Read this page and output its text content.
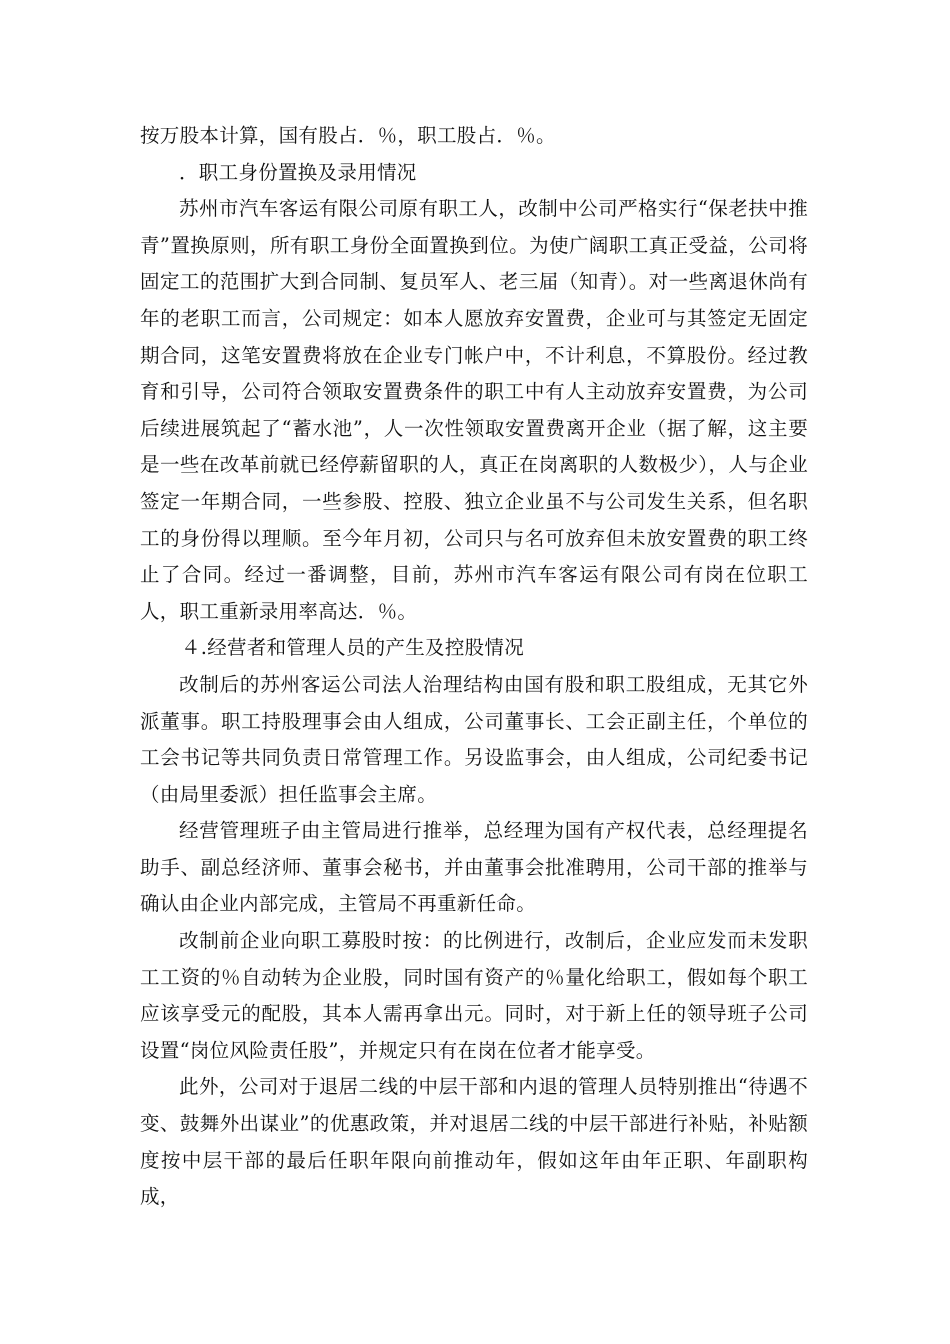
按万股本计算，国有股占．％，职工股占．％。

．职工身份置换及录用情况

苏州市汽车客运有限公司原有职工人，改制中公司严格实行“保老扶中推青”置换原则，所有职工身份全面置换到位。为使广阔职工真正受益，公司将固定工的范围扩大到合同制、复员军人、老三届（知青）。对一些离退休尚有年的老职工而言，公司规定：如本人愿放弃安置费，企业可与其签定无固定期合同，这笔安置费将放在企业专门帐户中，不计利息，不算股份。经过教育和引导，公司符合领取安置费条件的职工中有人主动放弃安置费，为公司后续进展筑起了“蓄水池”，人一次性领取安置费离开企业（据了解，这主要是一些在改革前就已经停薪留职的人，真正在岗离职的人数极少），人与企业签定一年期合同，一些参股、控股、独立企业虽不与公司发生关系，但名职工的身份得以理顺。至今年月初，公司只与名可放弃但未放安置费的职工终止了合同。经过一番调整，目前，苏州市汽车客运有限公司有岗在位职工人，职工重新录用率高达．％。

４.经营者和管理人员的产生及控股情况

改制后的苏州客运公司法人治理结构由国有股和职工股组成，无其它外派董事。职工持股理事会由人组成，公司董事长、工会正副主任，个单位的工会书记等共同负责日常管理工作。另设监事会，由人组成，公司纪委书记（由局里委派）担任监事会主席。

经营管理班子由主管局进行推举，总经理为国有产权代表，总经理提名助手、副总经济师、董事会秘书，并由董事会批准聘用，公司干部的推举与确认由企业内部完成，主管局不再重新任命。

改制前企业向职工募股时按：的比例进行，改制后，企业应发而未发职工工资的％自动转为企业股，同时国有资产的％量化给职工，假如每个职工应该享受元的配股，其本人需再拿出元。同时，对于新上任的领导班子公司设置“岗位风险责任股”，并规定只有在岗在位者才能享受。

此外，公司对于退居二线的中层干部和内退的管理人员特别推出“待遇不变、鼓舞外出谋业”的优惠政策，并对退居二线的中层干部进行补贴，补贴额度按中层干部的最后任职年限向前推动年，假如这年由年正职、年副职构成，
